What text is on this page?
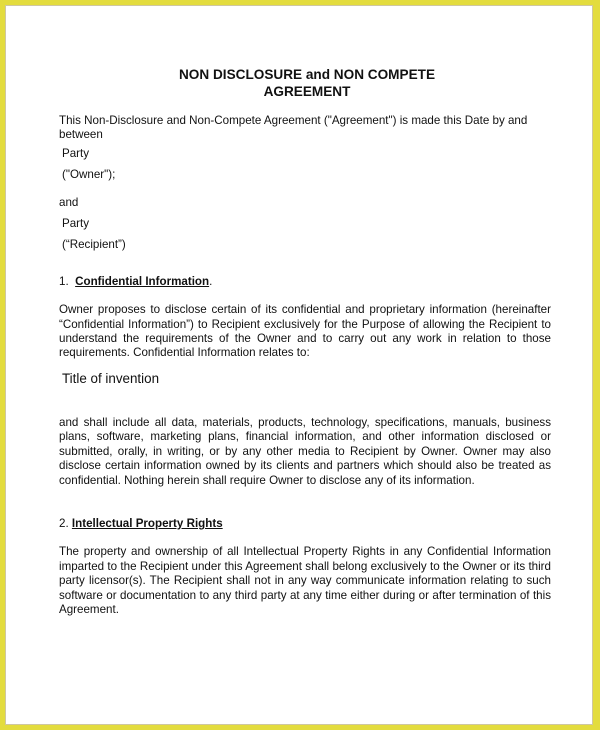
NON DISCLOSURE and NON COMPETE
AGREEMENT

This Non-Disclosure and Non-Compete Agreement ("Agreement") is made this Date by and between

Party

("Owner");

and

Party

(“Recipient”)

1. Confidential Information.

Owner proposes to disclose certain of its confidential and proprietary information (hereinafter “Confidential Information”) to Recipient exclusively for the Purpose of allowing the Recipient to understand the requirements of the Owner and to carry out any work in relation to those requirements. Confidential Information relates to:

Title of invention

and shall include all data, materials, products, technology, specifications, manuals, business plans, software, marketing plans, financial information, and other information disclosed or submitted, orally, in writing, or by any other media to Recipient by Owner. Owner may also disclose certain information owned by its clients and partners which should also be treated as confidential. Nothing herein shall require Owner to disclose any of its information.

2. Intellectual Property Rights

The property and ownership of all Intellectual Property Rights in any Confidential Information imparted to the Recipient under this Agreement shall belong exclusively to the Owner or its third party licensor(s). The Recipient shall not in any way communicate information relating to such software or documentation to any third party at any time either during or after termination of this Agreement.
